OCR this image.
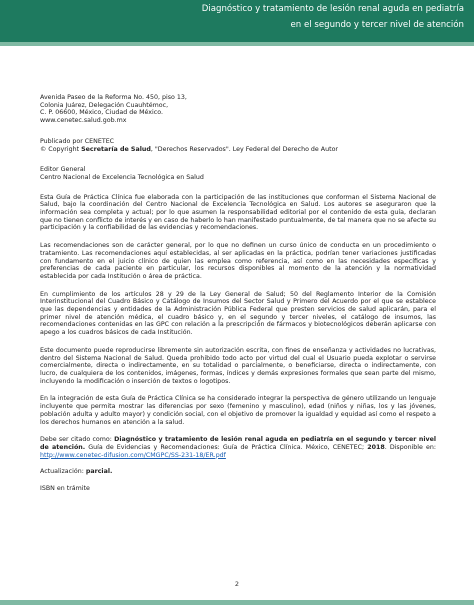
Diagnóstico y tratamiento de lesión renal aguda en pediatría
en el segundo y tercer nivel de atención
Avenida Paseo de la Reforma No. 450, piso 13,
Colonia Juárez, Delegación Cuauhtémoc,
C. P. 06600, México, Ciudad de México.
www.cenetec.salud.gob.mx
Publicado por CENETEC
© Copyright Secretaría de Salud, "Derechos Reservados". Ley Federal del Derecho de Autor
Editor General
Centro Nacional de Excelencia Tecnológica en Salud

Esta Guía de Práctica Clínica fue elaborada con la participación de las instituciones que conforman el Sistema Nacional de Salud, bajo la coordinación del Centro Nacional de Excelencia Tecnológica en Salud. Los autores se aseguraron que la información sea completa y actual; por lo que asumen la responsabilidad editorial por el contenido de esta guía, declaran que no tienen conflicto de interés y en caso de haberlo lo han manifestado puntualmente, de tal manera que no se afecte su participación y la confiabilidad de las evidencias y recomendaciones.

Las recomendaciones son de carácter general, por lo que no definen un curso único de conducta en un procedimiento o tratamiento. Las recomendaciones aquí establecidas, al ser aplicadas en la práctica, podrían tener variaciones justificadas con fundamento en el juicio clínico de quien las emplea como referencia, así como en las necesidades específicas y preferencias de cada paciente en particular, los recursos disponibles al momento de la atención y la normatividad establecida por cada Institución o área de práctica.

En cumplimiento de los artículos 28 y 29 de la Ley General de Salud; 50 del Reglamento Interior de la Comisión Interinstitucional del Cuadro Básico y Catálogo de Insumos del Sector Salud y Primero del Acuerdo por el que se establece que las dependencias y entidades de la Administración Pública Federal que presten servicios de salud aplicarán, para el primer nivel de atención médica, el cuadro básico y, en el segundo y tercer niveles, el catálogo de insumos, las recomendaciones contenidas en las GPC con relación a la prescripción de fármacos y biotecnológicos deberán aplicarse con apego a los cuadros básicos de cada Institución.

Este documento puede reproducirse libremente sin autorización escrita, con fines de enseñanza y actividades no lucrativas, dentro del Sistema Nacional de Salud. Queda prohibido todo acto por virtud del cual el Usuario pueda explotar o servirse comercialmente, directa o indirectamente, en su totalidad o parcialmente, o beneficiarse, directa o indirectamente, con lucro, de cualquiera de los contenidos, imágenes, formas, índices y demás expresiones formales que sean parte del mismo, incluyendo la modificación o inserción de textos o logotipos.

En la integración de esta Guía de Práctica Clínica se ha considerado integrar la perspectiva de género utilizando un lenguaje incluyente que permita mostrar las diferencias por sexo (femenino y masculino), edad (niños y niñas, los y las jóvenes, población adulta y adulto mayor) y condición social, con el objetivo de promover la igualdad y equidad así como el respeto a los derechos humanos en atención a la salud.

Debe ser citado como: Diagnóstico y tratamiento de lesión renal aguda en pediatría en el segundo y tercer nivel de atención. Guía de Evidencias y Recomendaciones: Guía de Práctica Clínica. México, CENETEC; 2018. Disponible en: http://www.cenetec-difusion.com/CMGPC/SS-231-18/ER.pdf

Actualización: parcial.

ISBN en trámite

2
